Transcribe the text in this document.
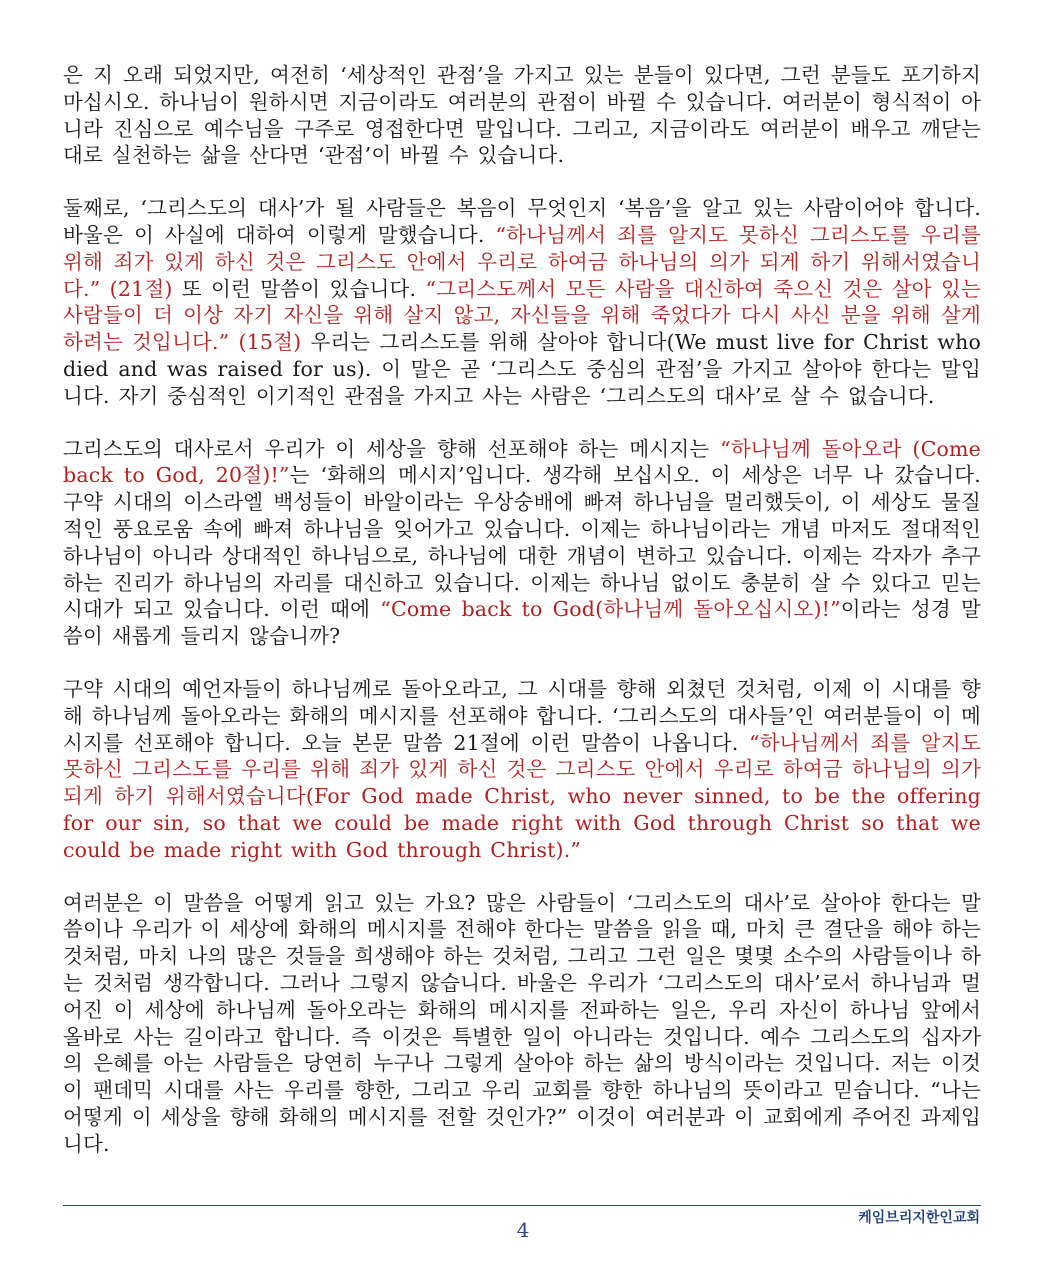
은 지 오래 되었지만, 여전히 ‘세상적인 관점’을 가지고 있는 분들이 있다면, 그런 분들도 포기하지 마십시오. 하나님이 원하시면 지금이라도 여러분의 관점이 바뀔 수 있습니다. 여러분이 형식적이 아니라 진심으로 예수님을 구주로 영접한다면 말입니다. 그리고, 지금이라도 여러분이 배우고 깨닫는 대로 실천하는 삶을 산다면 ‘관점’이 바뀔 수 있습니다.

둘째로, ‘그리스도의 대사’가 될 사람들은 복음이 무엇인지 ‘복음’을 알고 있는 사람이어야 합니다. 바울은 이 사실에 대하여 이렇게 말했습니다. “하나님께서 죄를 알지도 못하신 그리스도를 우리를 위해 죄가 있게 하신 것은 그리스도 안에서 우리로 하여금 하나님의 의가 되게 하기 위해서였습니다.” (21절) 또 이런 말씀이 있습니다. “그리스도께서 모든 사람을 대신하여 죽으신 것은 살아 있는 사람들이 더 이상 자기 자신을 위해 살지 않고, 자신들을 위해 죽었다가 다시 사신 분을 위해 살게 하려는 것입니다.” (15절) 우리는 그리스도를 위해 살아야 합니다(We must live for Christ who died and was raised for us). 이 말은 곧 ‘그리스도 중심의 관점’을 가지고 살아야 한다는 말입니다. 자기 중심적인 이기적인 관점을 가지고 사는 사람은 ‘그리스도의 대사’로 살 수 없습니다.

그리스도의 대사로서 우리가 이 세상을 향해 선포해야 하는 메시지는 “하나님께 돌아오라 (Come back to God, 20절)!”는 ‘화해의 메시지’입니다. 생각해 보십시오. 이 세상은 너무 나 갔습니다. 구약 시대의 이스라엘 백성들이 바알이라는 우상숭배에 빠져 하나님을 멀리했듯이, 이 세상도 물질적인 풍요로움 속에 빠져 하나님을 잊어가고 있습니다. 이제는 하나님이라는 개념 마저도 절대적인 하나님이 아니라 상대적인 하나님으로, 하나님에 대한 개념이 변하고 있습니다. 이제는 각자가 추구하는 진리가 하나님의 자리를 대신하고 있습니다. 이제는 하나님 없이도 충분히 살 수 있다고 믿는 시대가 되고 있습니다. 이런 때에 “Come back to God(하나님께 돌아오십시오)!”이라는 성경 말씀이 새롭게 들리지 않습니까?

구약 시대의 예언자들이 하나님께로 돌아오라고, 그 시대를 향해 외쳤던 것처럼, 이제 이 시대를 향해 하나님께 돌아오라는 화해의 메시지를 선포해야 합니다. ‘그리스도의 대사들’인 여러분들이 이 메시지를 선포해야 합니다. 오늘 본문 말씀 21절에 이런 말씀이 나옵니다. “하나님께서 죄를 알지도 못하신 그리스도를 우리를 위해 죄가 있게 하신 것은 그리스도 안에서 우리로 하여금 하나님의 의가 되게 하기 위해서였습니다(For God made Christ, who never sinned, to be the offering for our sin, so that we could be made right with God through Christ so that we could be made right with God through Christ).”

여러분은 이 말씀을 어떻게 읽고 있는 가요? 많은 사람들이 ‘그리스도의 대사’로 살아야 한다는 말씀이나 우리가 이 세상에 화해의 메시지를 전해야 한다는 말씀을 읽을 때, 마치 큰 결단을 해야 하는 것처럼, 마치 나의 많은 것들을 희생해야 하는 것처럼, 그리고 그런 일은 몇몇 소수의 사람들이나 하는 것처럼 생각합니다. 그러나 그렇지 않습니다. 바울은 우리가 ‘그리스도의 대사’로서 하나님과 멀어진 이 세상에 하나님께 돌아오라는 화해의 메시지를 전파하는 일은, 우리 자신이 하나님 앞에서 올바로 사는 길이라고 합니다. 즉 이것은 특별한 일이 아니라는 것입니다. 예수 그리스도의 십자가의 은혜를 아는 사람들은 당연히 누구나 그렇게 살아야 하는 삶의 방식이라는 것입니다. 저는 이것이 팬데믹 시대를 사는 우리를 향한, 그리고 우리 교회를 향한 하나님의 뜻이라고 믿습니다. “나는 어떻게 이 세상을 향해 화해의 메시지를 전할 것인가?” 이것이 여러분과 이 교회에게 주어진 과제입니다.

4	케임브리지한인교회
